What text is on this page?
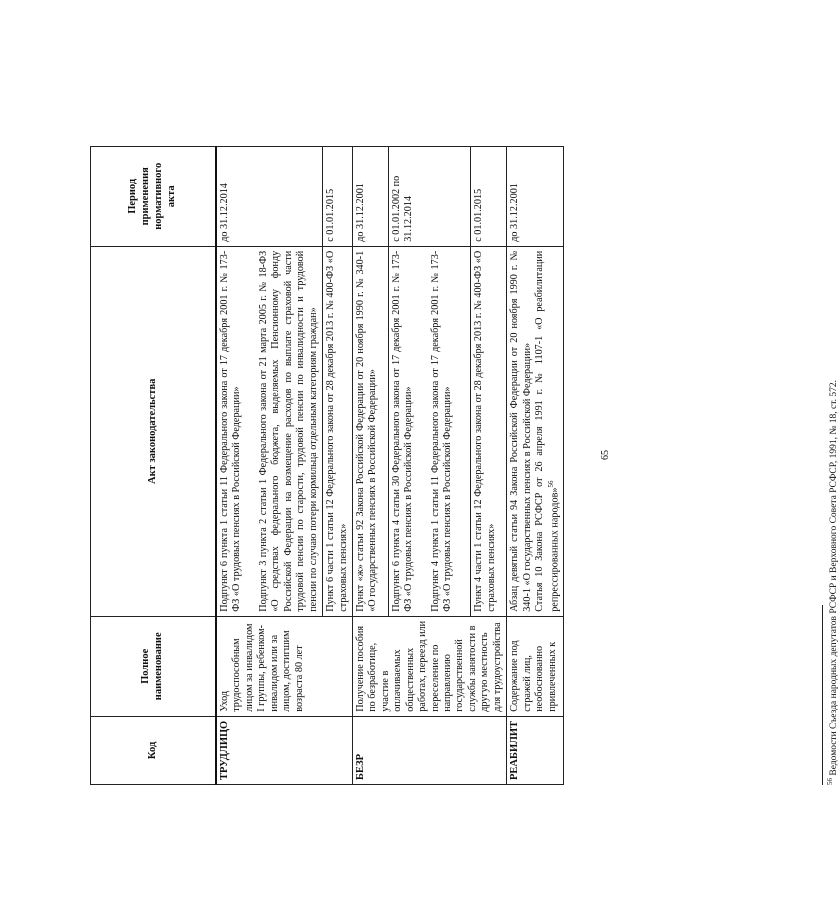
65
Код	Полное наименование	Акт законодательства	Период применения нормативного акта
ТРУДЛИЦО	Уход трудоспособным лицом за инвалидом I группы, ребенком-инвалидом или за лицом, достигшим возраста 80 лет	Подпункт 6 пункта 1 статьи 11 Федерального закона от 17 декабря 2001 г. № 173-ФЗ «О трудовых пенсиях в Российской Федерации» Подпункт 3 пункта 2 статьи 1 Федерального закона от 21 марта 2005 г. № 18-ФЗ «О средствах федерального бюджета, выделяемых Пенсионному фонду Российской Федерации на возмещение расходов по выплате страховой части трудовой пенсии по старости, трудовой пенсии по инвалидности и трудовой пенсии по случаю потери кормильца отдельным категориям граждан»	до 31.12.2014

		Пункт 6 части 1 статьи 12 Федерального закона от 28 декабря 2013 г. № 400-ФЗ «О страховых пенсиях»	с 01.01.2015
БЕЗР	Получение пособия по безработице, участие в оплачиваемых общественных работах, переезд или переселение по направлению государственной службы занятости в другую местность для трудоустройства	Пункт «ж» статьи 92 Закона Российской Федерации от 20 ноября 1990 г. № 340-1 «О государственных пенсиях в Российской Федерации»	до 31.12.2001

		Подпункт 6 пункта 4 статьи 30 Федерального закона от 17 декабря 2001 г. № 173-ФЗ «О трудовых пенсиях в Российской Федерации» Подпункт 4 пункта 1 статьи 11 Федерального закона от 17 декабря 2001 г. № 173-ФЗ «О трудовых пенсиях в Российской Федерации»	с 01.01.2002 по 31.12.2014

		Пункт 4 части 1 статьи 12 Федерального закона от 28 декабря 2013 г. № 400-ФЗ «О страховых пенсиях»	с 01.01.2015
РЕАБИЛИТ	Содержание под стражей лиц, необоснованно привлеченных к	Абзац девятый статьи 94 Закона Российской Федерации от 20 ноября 1990 г. № 340-1 «О государственных пенсиях в Российской Федерации» Статья 10 Закона РСФСР от 26 апреля 1991 г. № 1107-1 «О реабилитации репрессированных народов»$^{56}$	до 31.12.2001
$^{56}$ Ведомости Съезда народных депутатов РСФСР и Верховного Совета РСФСР, 1991, № 18, ст. 572.
